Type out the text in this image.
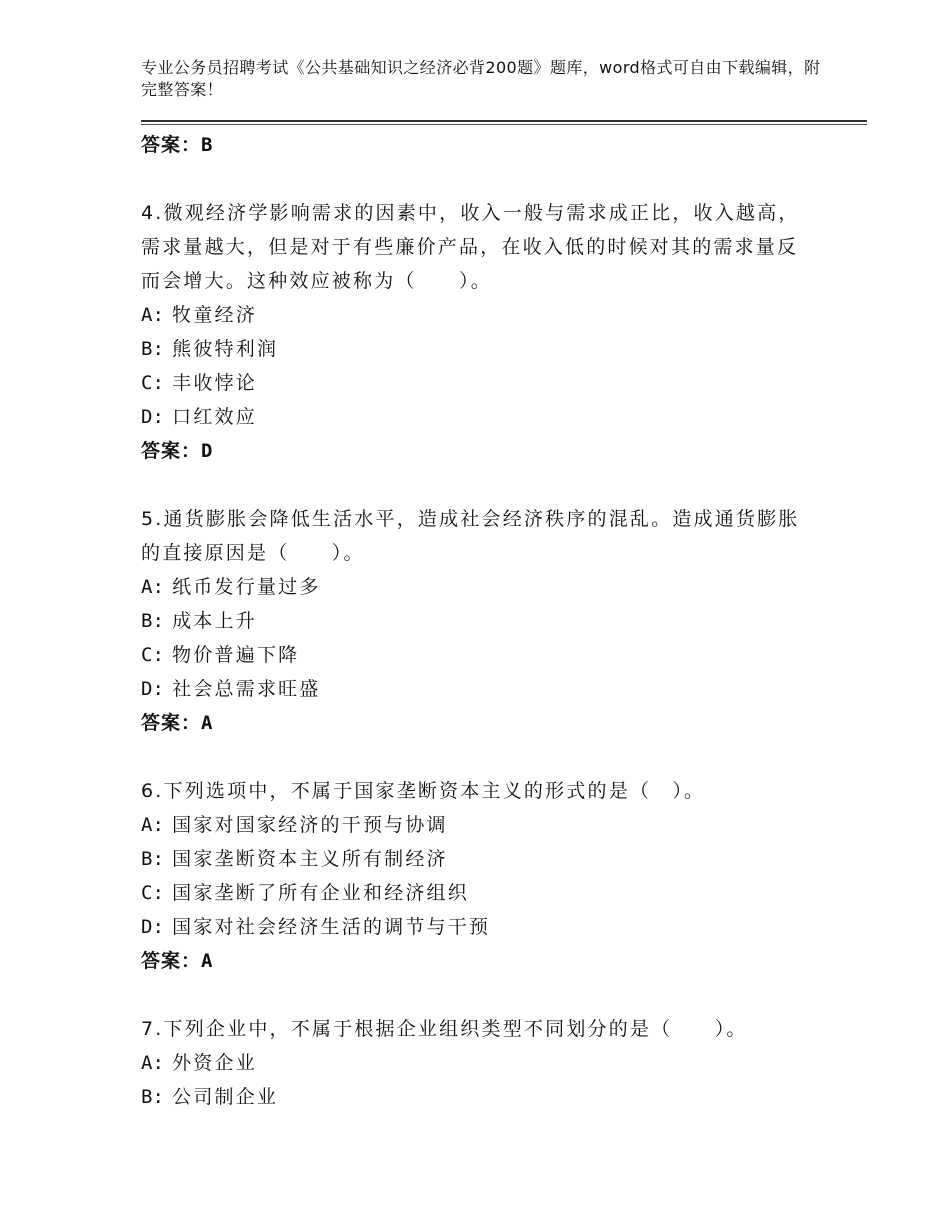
专业公务员招聘考试《公共基础知识之经济必背200题》题库，word格式可自由下载编辑，附完整答案！
答案：B
4.微观经济学影响需求的因素中，收入一般与需求成正比，收入越高，需求量越大，但是对于有些廉价产品，在收入低的时候对其的需求量反而会增大。这种效应被称为（　　）。
A: 牧童经济
B: 熊彼特利润
C: 丰收悖论
D: 口红效应
答案：D
5.通货膨胀会降低生活水平，造成社会经济秩序的混乱。造成通货膨胀的直接原因是（　　）。
A: 纸币发行量过多
B: 成本上升
C: 物价普遍下降
D: 社会总需求旺盛
答案：A
6.下列选项中，不属于国家垄断资本主义的形式的是（　）。
A: 国家对国家经济的干预与协调
B: 国家垄断资本主义所有制经济
C: 国家垄断了所有企业和经济组织
D: 国家对社会经济生活的调节与干预
答案：A
7.下列企业中，不属于根据企业组织类型不同划分的是（　　）。
A: 外资企业
B: 公司制企业
